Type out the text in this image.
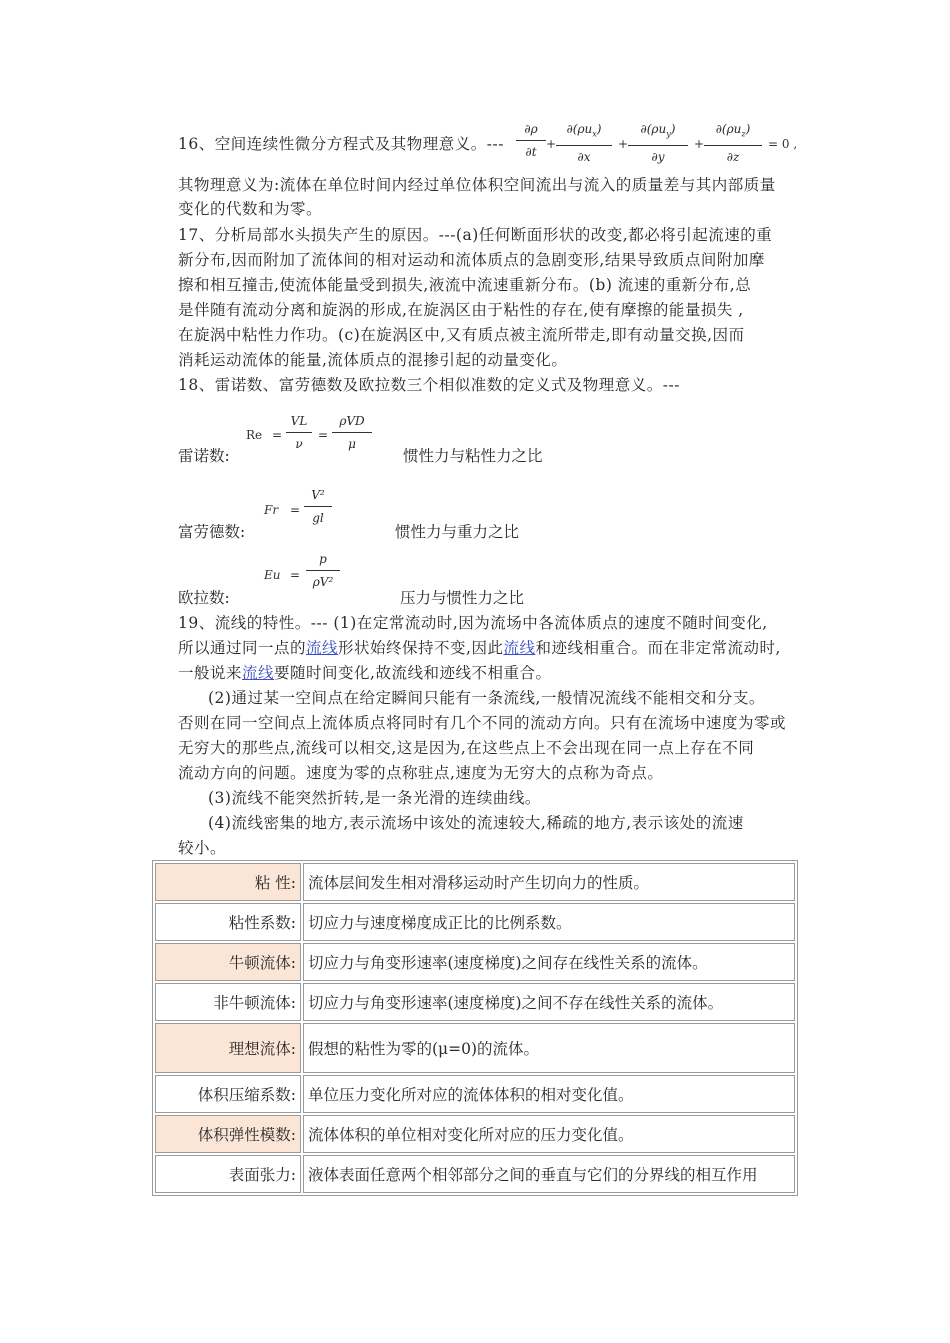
16、空间连续性微分方程式及其物理意义。---
∂ρ
∂t
+
$\partial(\rho u_x)$
∂x
+
$\partial(\rho u_y)$
∂y
+
$\partial(\rho u_z)$
∂z
= 0 ,
其物理意义为:流体在单位时间内经过单位体积空间流出与流入的质量差与其内部质量
变化的代数和为零。
17、分析局部水头损失产生的原因。---(a)任何断面形状的改变,都必将引起流速的重
新分布,因而附加了流体间的相对运动和流体质点的急剧变形,结果导致质点间附加摩
擦和相互撞击,使流体能量受到损失,液流中流速重新分布。(b) 流速的重新分布,总
是伴随有流动分离和旋涡的形成,在旋涡区由于粘性的存在,使有摩擦的能量损失 ,
在旋涡中粘性力作功。(c)在旋涡区中,又有质点被主流所带走,即有动量交换,因而
消耗运动流体的能量,流体质点的混掺引起的动量变化。
18、雷诺数、富劳德数及欧拉数三个相似准数的定义式及物理意义。---
Re =
VL
ν
=
ρVD
μ
雷诺数:	惯性力与粘性力之比
Fr =
V²
gl
富劳德数:	惯性力与重力之比
Eu =
p
ρV²
欧拉数:	压力与惯性力之比
19、流线的特性。--- (1)在定常流动时,因为流场中各流体质点的速度不随时间变化,
所以通过同一点的流线形状始终保持不变,因此流线和迹线相重合。而在非定常流动时,
一般说来流线要随时间变化,故流线和迹线不相重合。
(2)通过某一空间点在给定瞬间只能有一条流线,一般情况流线不能相交和分支。
否则在同一空间点上流体质点将同时有几个不同的流动方向。只有在流场中速度为零或
无穷大的那些点,流线可以相交,这是因为,在这些点上不会出现在同一点上存在不同
流动方向的问题。速度为零的点称驻点,速度为无穷大的点称为奇点。
(3)流线不能突然折转,是一条光滑的连续曲线。
(4)流线密集的地方,表示流场中该处的流速较大,稀疏的地方,表示该处的流速
较小。
粘 性:	流体层间发生相对滑移运动时产生切向力的性质。
粘性系数:	切应力与速度梯度成正比的比例系数。
牛顿流体:	切应力与角变形速率(速度梯度)之间存在线性关系的流体。
非牛顿流体:	切应力与角变形速率(速度梯度)之间不存在线性关系的流体。
理想流体:	假想的粘性为零的(μ=0)的流体。
体积压缩系数:	单位压力变化所对应的流体体积的相对变化值。
体积弹性模数:	流体体积的单位相对变化所对应的压力变化值。
表面张力:	液体表面任意两个相邻部分之间的垂直与它们的分界线的相互作用
